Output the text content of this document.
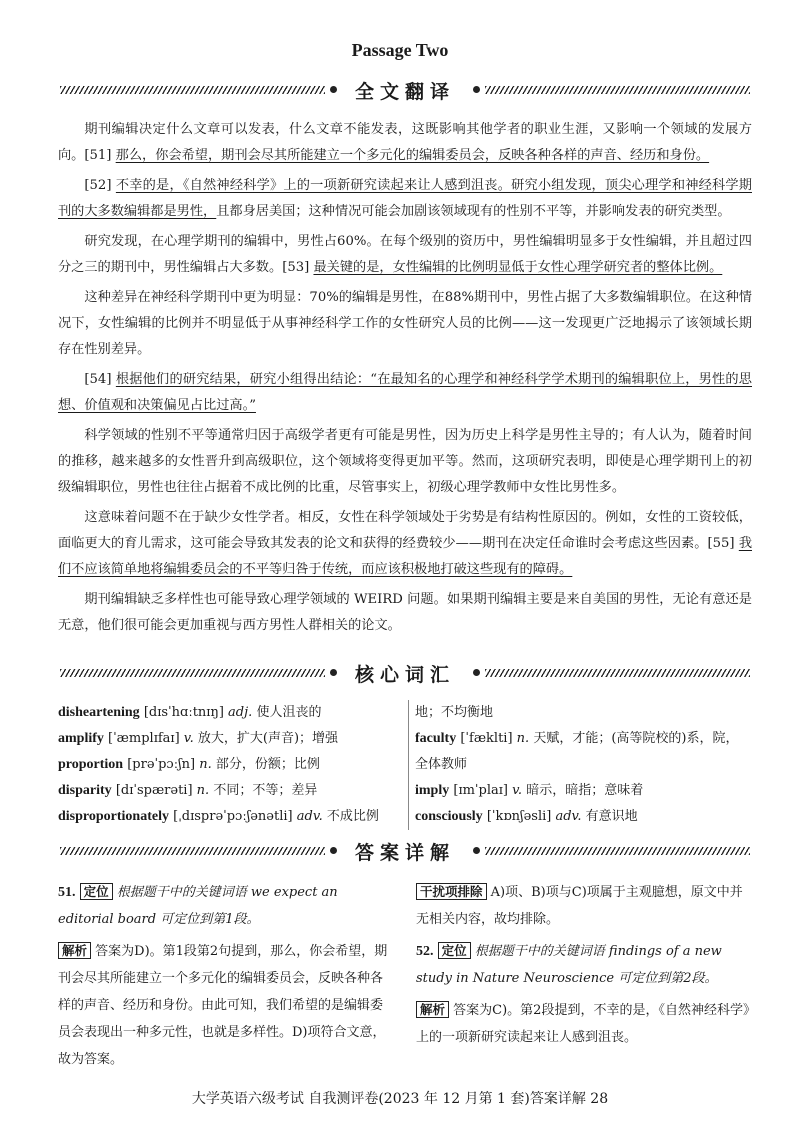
Passage Two
全文翻译

期刊编辑决定什么文章可以发表，什么文章不能发表，这既影响其他学者的职业生涯，又影响一个领域的发展方向。[51] 那么，你会希望，期刊会尽其所能建立一个多元化的编辑委员会，反映各种各样的声音、经历和身份。

[52] 不幸的是，《自然神经科学》上的一项新研究读起来让人感到沮丧。研究小组发现，顶尖心理学和神经科学期刊的大多数编辑都是男性，且都身居美国；这种情况可能会加剧该领域现有的性别不平等，并影响发表的研究类型。

研究发现，在心理学期刊的编辑中，男性占60%。在每个级别的资历中，男性编辑明显多于女性编辑，并且超过四分之三的期刊中，男性编辑占大多数。[53] 最关键的是，女性编辑的比例明显低于女性心理学研究者的整体比例。

这种差异在神经科学期刊中更为明显：70%的编辑是男性，在88%期刊中，男性占据了大多数编辑职位。在这种情况下，女性编辑的比例并不明显低于从事神经科学工作的女性研究人员的比例——这一发现更广泛地揭示了该领域长期存在性别差异。

[54] 根据他们的研究结果，研究小组得出结论：“在最知名的心理学和神经科学学术期刊的编辑职位上，男性的思想、价值观和决策偏见占比过高。”

科学领域的性别不平等通常归因于高级学者更有可能是男性，因为历史上科学是男性主导的；有人认为，随着时间的推移，越来越多的女性晋升到高级职位，这个领域将变得更加平等。然而，这项研究表明，即使是心理学期刊上的初级编辑职位，男性也往往占据着不成比例的比重，尽管事实上，初级心理学教师中女性比男性多。

这意味着问题不在于缺少女性学者。相反，女性在科学领域处于劣势是有结构性原因的。例如，女性的工资较低，面临更大的育儿需求，这可能会导致其发表的论文和获得的经费较少——期刊在决定任命谁时会考虑这些因素。[55] 我们不应该简单地将编辑委员会的不平等归咎于传统，而应该积极地打破这些现有的障碍。

期刊编辑缺乏多样性也可能导致心理学领域的 WEIRD 问题。如果期刊编辑主要是来自美国的男性，无论有意还是无意，他们很可能会更加重视与西方男性人群相关的论文。

核心词汇
disheartening [dɪsˈhɑːtnɪŋ] adj. 使人沮丧的
amplify [ˈæmplɪfaɪ] v. 放大，扩大(声音)；增强
proportion [prəˈpɔːʃn] n. 部分，份额；比例
disparity [dɪˈspærəti] n. 不同；不等；差异
disproportionately [ˌdɪsprəˈpɔːʃənətli] adv. 不成比例
地；不均衡地
faculty [ˈfæklti] n. 天赋，才能；(高等院校的)系，院，
全体教师
imply [ɪmˈplaɪ] v. 暗示，暗指；意味着
consciously [ˈkɒnʃəsli] adv. 有意识地
答案详解

51. 定位 根据题干中的关键词语 we expect an editorial board 可定位到第1段。

解析 答案为D)。第1段第2句提到，那么，你会希望，期刊会尽其所能建立一个多元化的编辑委员会，反映各种各样的声音、经历和身份。由此可知，我们希望的是编辑委员会表现出一种多元性，也就是多样性。D)项符合文意，故为答案。

干扰项排除 A)项、B)项与C)项属于主观臆想，原文中并无相关内容，故均排除。

52. 定位 根据题干中的关键词语 findings of a new study in Nature Neuroscience 可定位到第2段。

解析 答案为C)。第2段提到，不幸的是，《自然神经科学》上的一项新研究读起来让人感到沮丧。

大学英语六级考试 自我测评卷(2023 年 12 月第 1 套)答案详解 28
